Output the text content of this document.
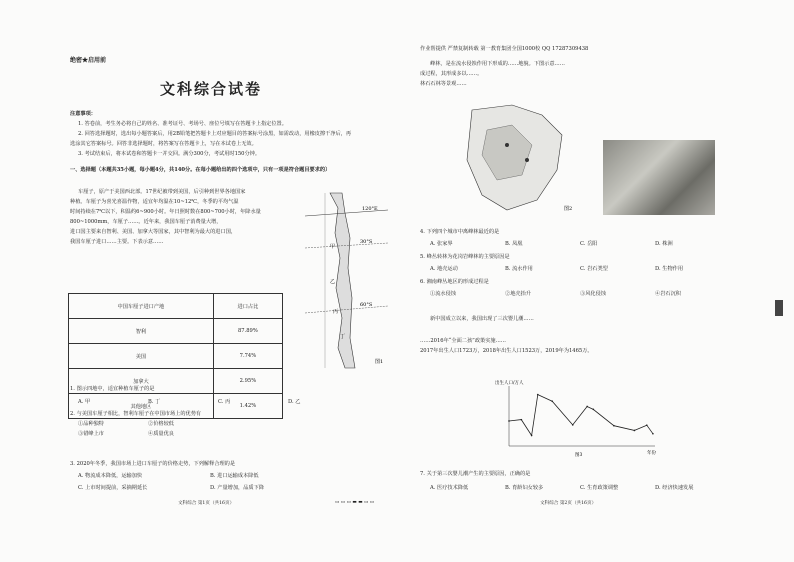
绝密★启用前
文科综合试卷
作业帮提供 严禁复制转载 第一教育集团全国1000校 QQ 17287309438
注意事项：
1. 答卷前，考生务必将自己的姓名、准考证号、考场号、座位号填写在答题卡上指定位置。
2. 回答选择题时，选出每小题答案后，用2B铅笔把答题卡上对应题目的答案标号涂黑，如需改动，用橡皮擦干净后，再
选涂其它答案标号。回答非选择题时，将答案写在答题卡上，写在本试卷上无效。
3. 考试结束后，将本试卷和答题卡一并交回。满分300分，考试用时150分钟。
一、选择题（本题共35小题，每小题4分，共140分。在每小题给出的四个选项中，只有一项是符合题目要求的）
车厘子，原产于美国西北部。17世纪被带到美国，后引种到世界各地国家
种植。车厘子为喜光喜温作物，适宜年均温在10~12℃，冬季的平均气温
时间持续在7℃以下，积温约6~900小时。年日照时数在800~700小时，年降水量
800~1000mm，车厘子……。近年来，我国车厘子消费量大增，
进口国主要来自智利、美国、加拿大等国家，其中智利为最大的进口国，
我国车厘子进口……主要。下表示意……
中国车厘子进口产地	进口占比
智利	87.89%
美国	7.74%
加拿大	2.95%
其他地区	1.42%
120°E
30°S
60°S
甲
乙
丙
丁
图1
1. 图示四地中，适宜种植车厘子的是
A. 甲	B. 丁	C. 丙	D. 乙
2. 与美国车厘子相比，智利车厘子在中国市场上的优势有
①品种独特	②价格较低
③错峰上市	④质量优良
3. 2020年冬季，我国市场上进口车厘子的价格走势，下列解释合理的是
A. 物流成本降低，运输加快	B. 进口运输成本降低
C. 上市时间提前，采摘期延长	D. 产量增加，品质下降
文科综合 第1页（共16页）	▭ ▭ ▭ ▬ ▬ ▭ ▭	文科综合 第2页（共16页）
峰林，是在流水侵蚀作用下形成的……地貌。下图示意……
成过程，其形成多以……。
林石石林等景观……
图2
4. 下列四个城市中离峰林最近的是
A. 张家界	B. 凤凰	C. 岳阳	D. 株洲
5. 峰丛转林为花岗岩峰林的主要原因是
A. 地壳运动	B. 流水作用	C. 岩石类型	D. 生物作用
6. 湘南峰丛地区的形成过程是
①流水侵蚀	②地壳抬升	③风化侵蚀	④岩石沉积
新中国成立以来，我国出现了三次婴儿潮……
……2016年“全面二孩”政策实施……
2017年出生人口1723万，2018年出生人口1523万，2019年为1465万。
出生人口/万人
年份
图3
7. 关于第三次婴儿潮产生的主要原因，正确的是
A. 医疗技术降低	B. 育龄妇女较多	C. 生育政策调整	D. 经济快速发展
